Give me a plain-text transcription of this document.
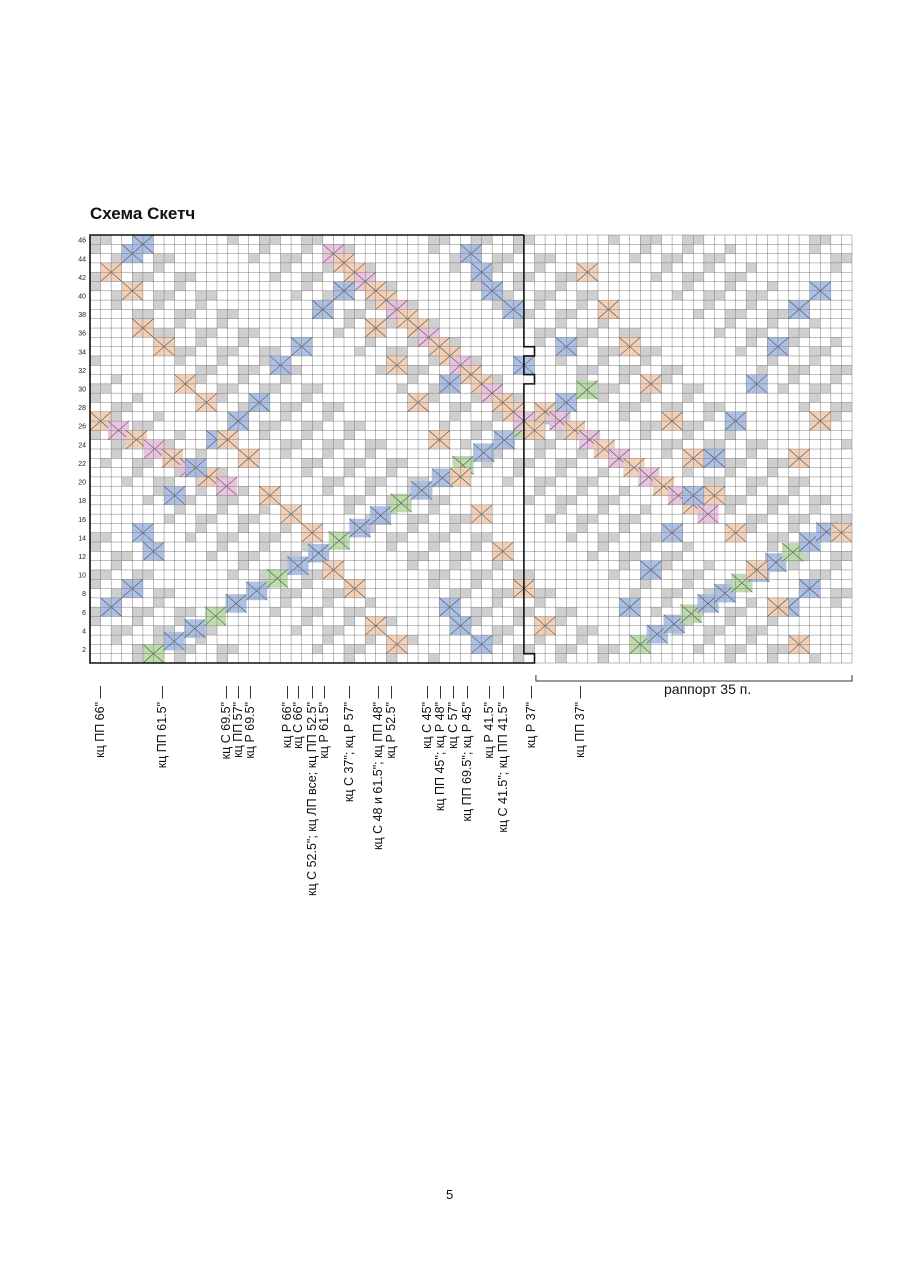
Схема Скетч
2
4
6
8
10
12
14
16
18
20
22
24
26
28
30
32
34
36
38
40
42
44
46
раппорт 35 п.
кц ПП 66" —	кц ПП 61.5" —	кц С 69.5" —
кц ПП 57" —
кц Р 69.5" — кц Р 66" —
кц С 66" — кц С 52.5"; кц ЛП все; кц ПП 52.5" —
кц Р 61.5" — кц С 37"; кц Р 57" — кц С 48 и 61.5"; кц ПП 48" — кц Р 52.5" — кц С 45" — кц ПП 45"; кц Р 48" — кц С 57" — кц ПП 69.5"; кц Р 45" — кц Р 41.5" — кц С 41.5"; кц ПП 41.5" — кц Р 37" —	кц ПП 37" —
5
